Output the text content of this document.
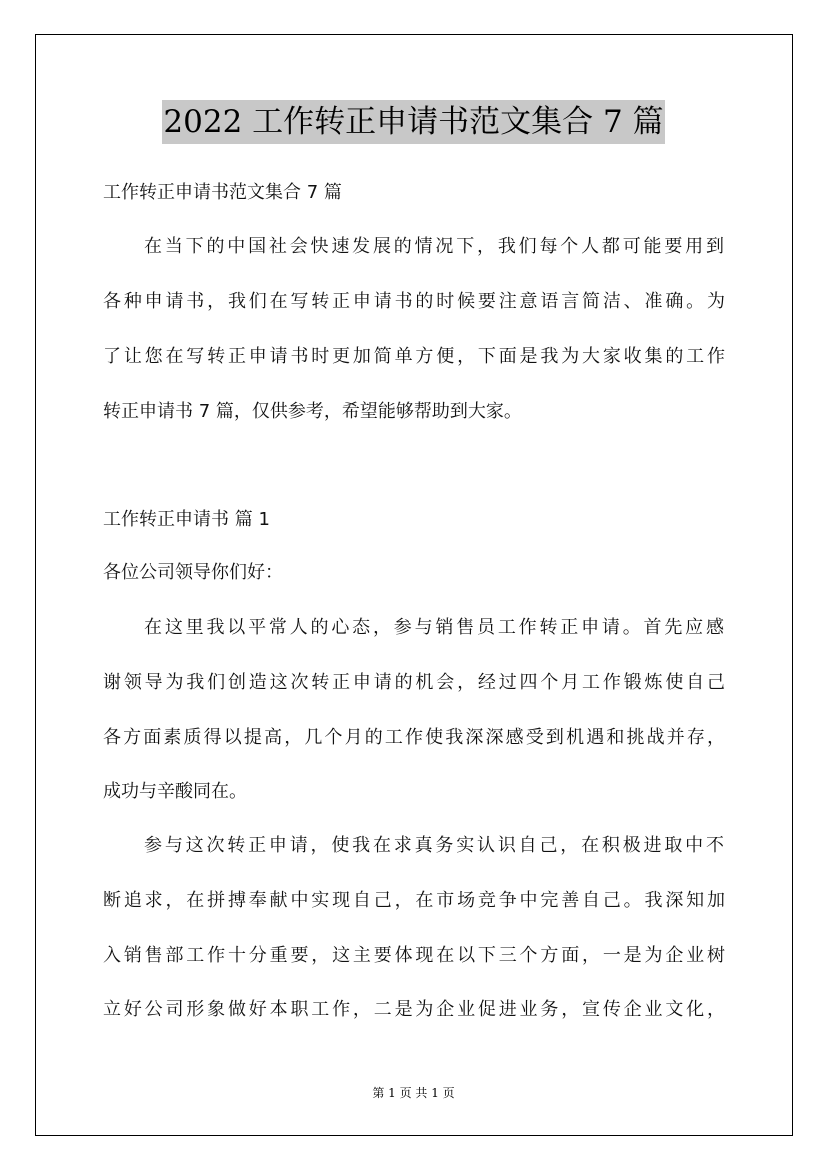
2022 工作转正申请书范文集合 7 篇
工作转正申请书范文集合 7 篇
在当下的中国社会快速发展的情况下，我们每个人都可能要用到
各种申请书，我们在写转正申请书的时候要注意语言简洁、准确。为
了让您在写转正申请书时更加简单方便，下面是我为大家收集的工作
转正申请书 7 篇，仅供参考，希望能够帮助到大家。
工作转正申请书 篇 1
各位公司领导你们好：
在这里我以平常人的心态，参与销售员工作转正申请。首先应感
谢领导为我们创造这次转正申请的机会，经过四个月工作锻炼使自己
各方面素质得以提高，几个月的工作使我深深感受到机遇和挑战并存，
成功与辛酸同在。
参与这次转正申请，使我在求真务实认识自己，在积极进取中不
断追求，在拼搏奉献中实现自己，在市场竞争中完善自己。我深知加
入销售部工作十分重要，这主要体现在以下三个方面，一是为企业树
立好公司形象做好本职工作，二是为企业促进业务，宣传企业文化，
第 1 页 共 1 页
